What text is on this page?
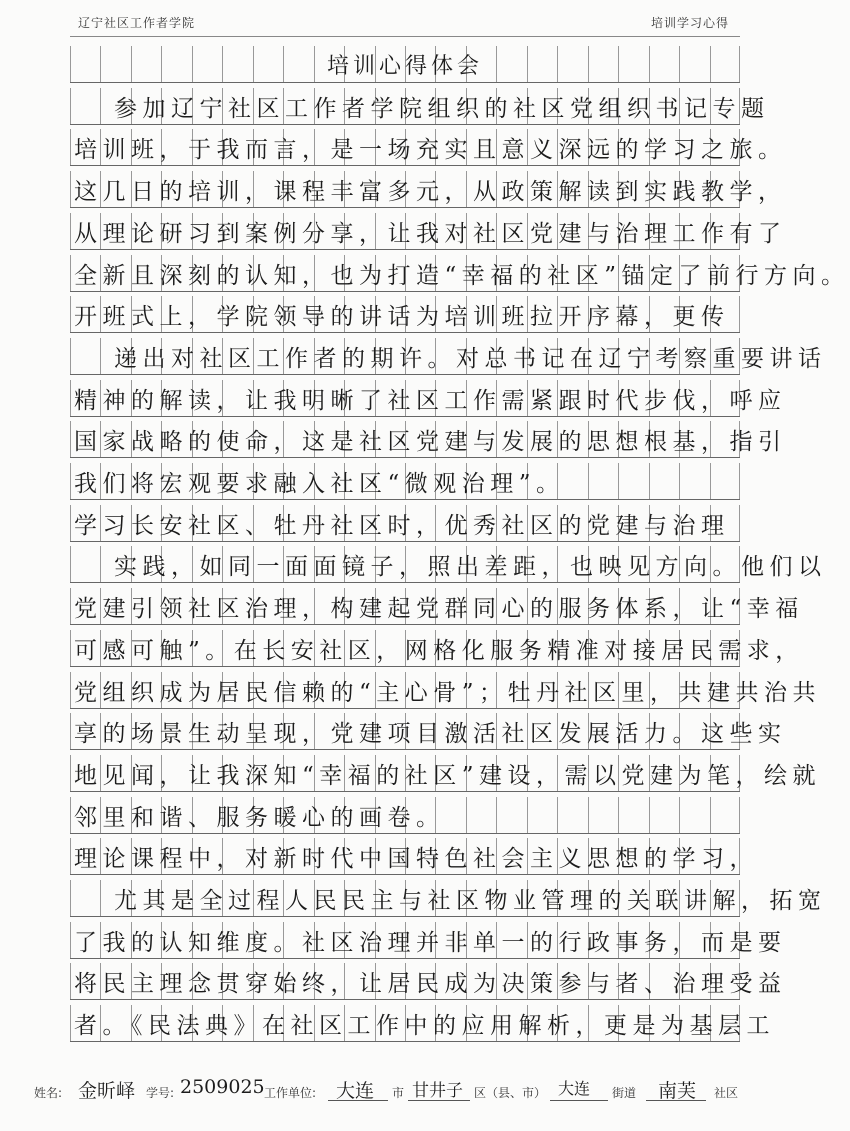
辽宁社区工作者学院	培训学习心得
培训心得体会
参加辽宁社区工作者学院组织的社区党组织书记专题
培训班，于我而言，是一场充实且意义深远的学习之旅。
这几日的培训，课程丰富多元，从政策解读到实践教学，
从理论研习到案例分享，让我对社区党建与治理工作有了
全新且深刻的认知，也为打造“幸福的社区”锚定了前行方向。
开班式上，学院领导的讲话为培训班拉开序幕，更传
递出对社区工作者的期许。对总书记在辽宁考察重要讲话
精神的解读，让我明晰了社区工作需紧跟时代步伐，呼应
国家战略的使命，这是社区党建与发展的思想根基，指引
我们将宏观要求融入社区“微观治理”。
学习长安社区、牡丹社区时，优秀社区的党建与治理
实践，如同一面面镜子，照出差距，也映见方向。他们以
党建引领社区治理，构建起党群同心的服务体系，让“幸福
可感可触”。在长安社区，网格化服务精准对接居民需求，
党组织成为居民信赖的“主心骨”；牡丹社区里，共建共治共
享的场景生动呈现，党建项目激活社区发展活力。这些实
地见闻，让我深知“幸福的社区”建设，需以党建为笔，绘就
邻里和谐、服务暖心的画卷。
理论课程中，对新时代中国特色社会主义思想的学习，
尤其是全过程人民民主与社区物业管理的关联讲解，拓宽
了我的认知维度。社区治理并非单一的行政事务，而是要
将民主理念贯穿始终，让居民成为决策参与者、治理受益
者。《民法典》在社区工作中的应用解析，更是为基层工
姓名: 金昕峄 学号: 2509025 工作单位: 大连 市 甘井子 区（县、市） 大连 街道 南芙 社区
